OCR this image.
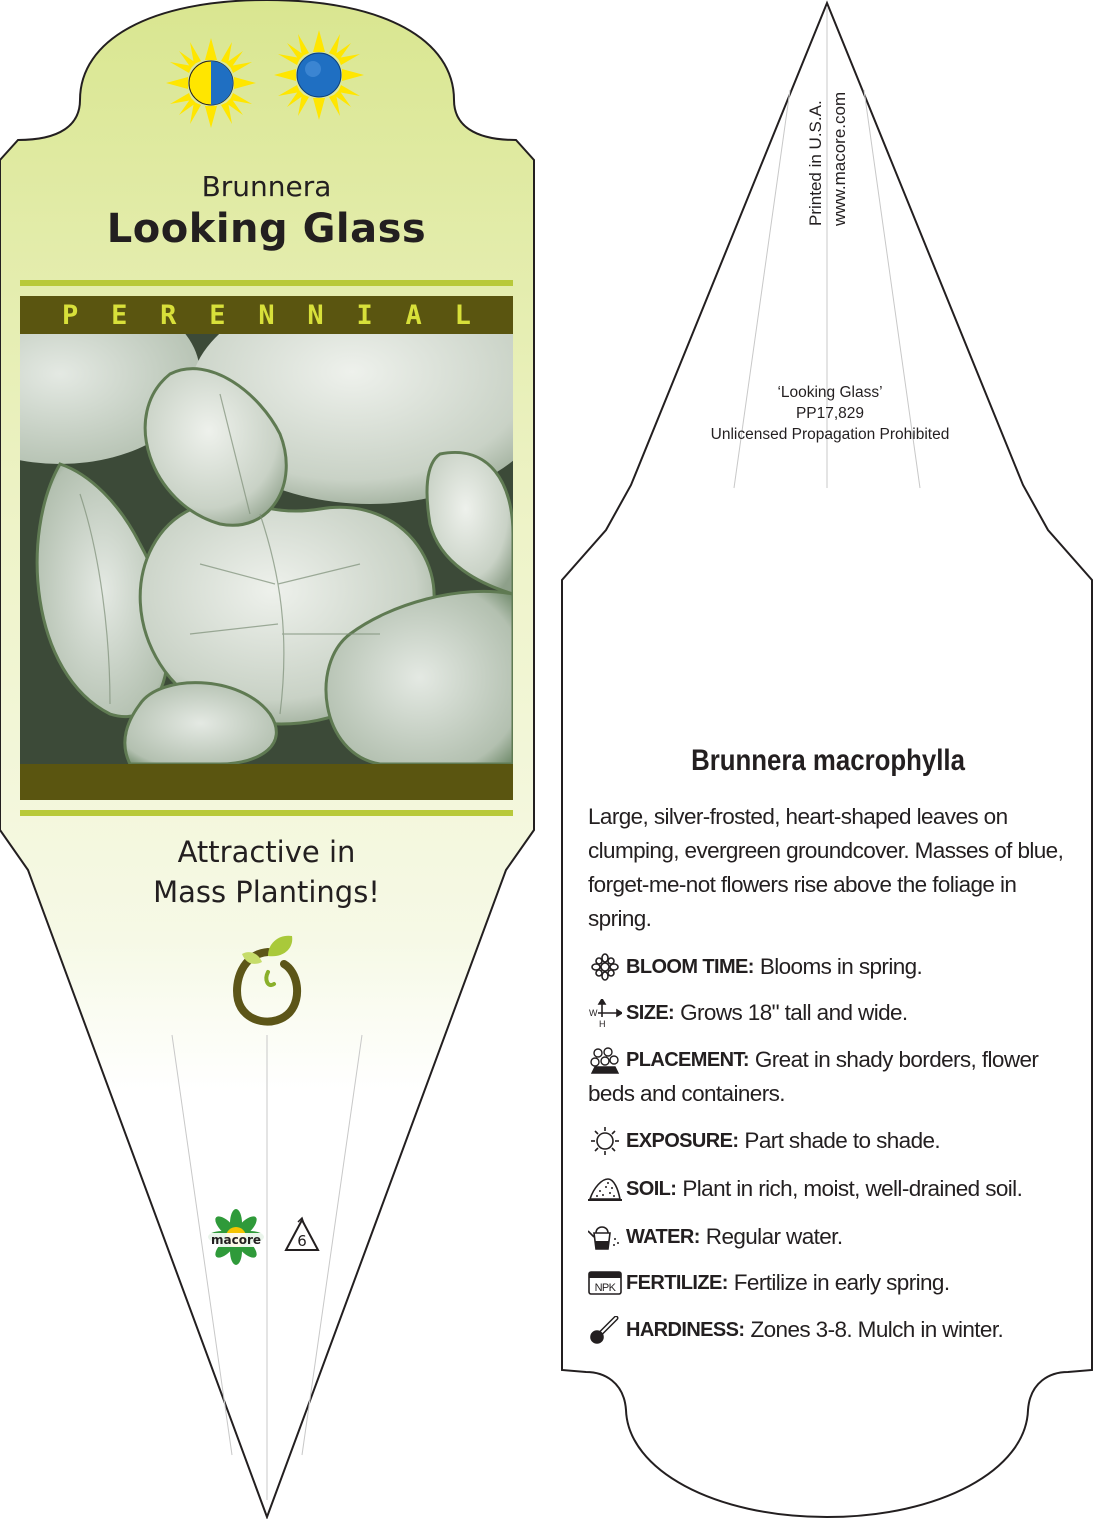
Brunnera
Looking Glass
P E R E N N I A L
Attractive in
Mass Plantings!
macore 6
Printed in U.S.A. www.macore.com
‘Looking Glass’
PP17,829
Unlicensed Propagation Prohibited
Brunnera macrophylla
Large, silver-frosted, heart-shaped leaves on
clumping, evergreen groundcover. Masses of blue,
forget-me-not flowers rise above the foliage in
spring.
BLOOM TIME: Blooms in spring.
W
H SIZE: Grows 18" tall and wide.
PLACEMENT: Great in shady borders, flower
beds and containers.
EXPOSURE: Part shade to shade.
SOIL: Plant in rich, moist, well-drained soil.
WATER: Regular water.
NPK FERTILIZE: Fertilize in early spring.
HARDINESS: Zones 3-8. Mulch in winter.
